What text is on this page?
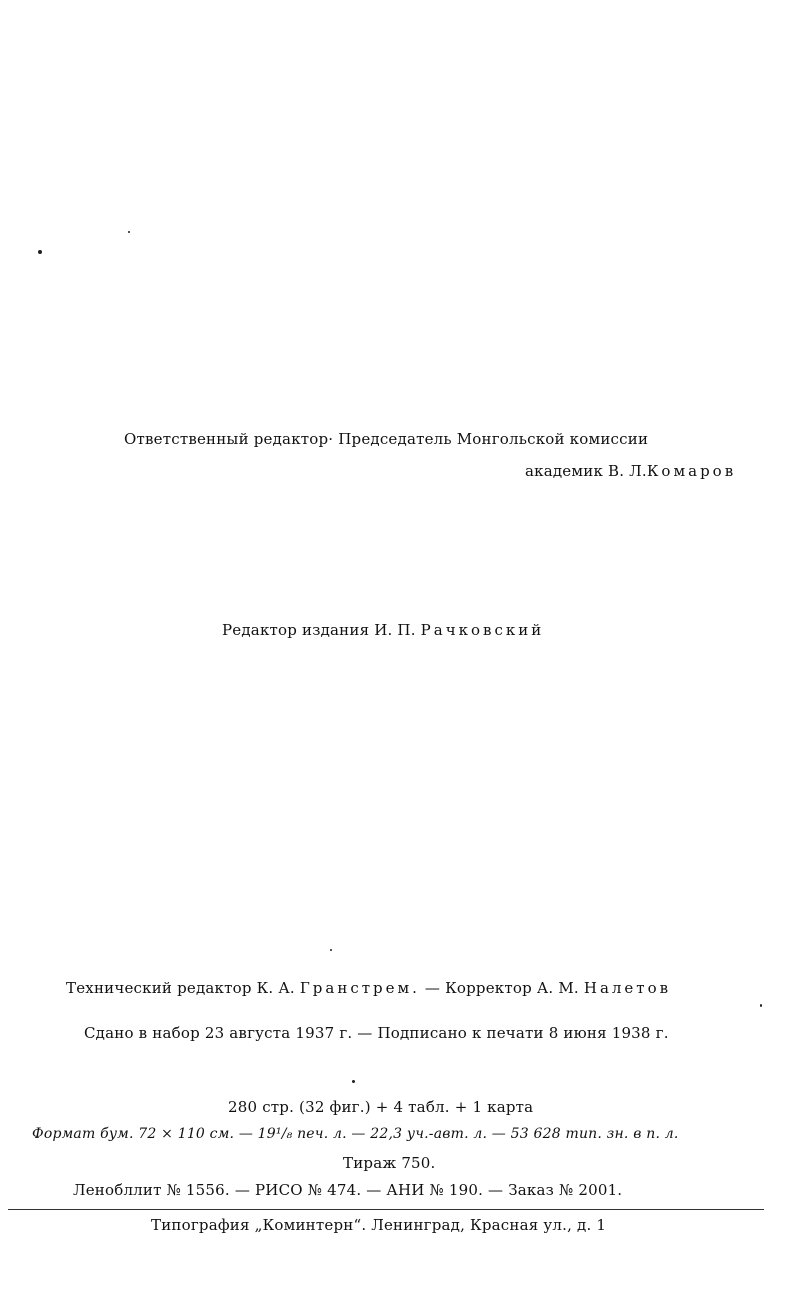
Ответственный редактор· Председатель Монгольской комиссии

академик В. Л.Комаров

Редактор издания И. П. Рачковский

Технический редактор К. А. Гранстрем. — Корректор А. М. Налетов

Сдано в набор 23 августа 1937 г. — Подписано к печати 8 июня 1938 г.

280 стр. (32 фиг.) + 4 табл. + 1 карта

Формат бум. 72 × 110 см. — 19¹/₈ печ. л. — 22,3 уч.-авт. л. — 53 628 тип. зн. в п. л.

Тираж 750.

Ленобллит № 1556. — РИСО № 474. — АНИ № 190. — Заказ № 2001.

Типография „Коминтерн“. Ленинград, Красная ул., д. 1
